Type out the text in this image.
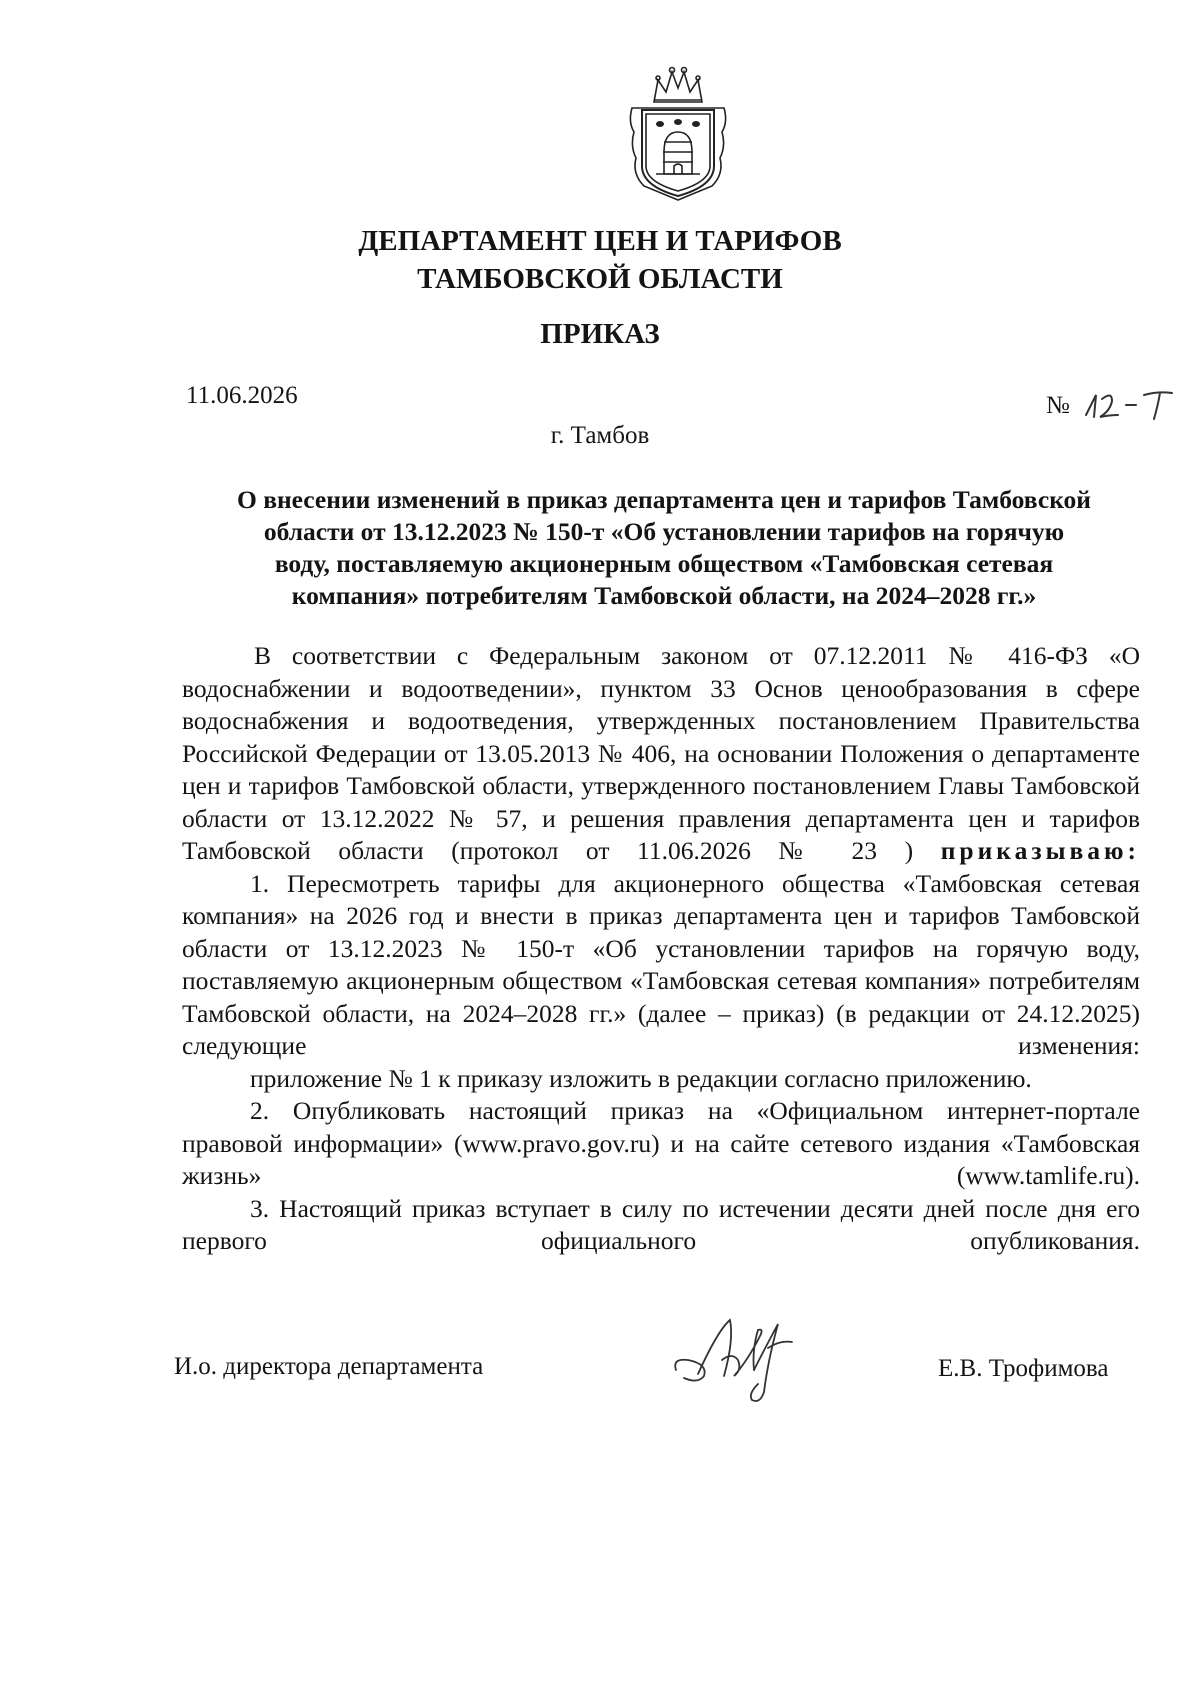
ДЕПАРТАМЕНТ ЦЕН И ТАРИФОВ
ТАМБОВСКОЙ ОБЛАСТИ
ПРИКАЗ
11.06.2026	№
г. Тамбов
О внесении изменений в приказ департамента цен и тарифов Тамбовской
области от 13.12.2023 № 150-т «Об установлении тарифов на горячую
воду, поставляемую акционерным обществом «Тамбовская сетевая
компания» потребителям Тамбовской области, на 2024–2028 гг.»
В соответствии с Федеральным законом от 07.12.2011 № 416-ФЗ «О водоснабжении и водоотведении», пунктом 33 Основ ценообразования в сфере водоснабжения и водоотведения, утвержденных постановлением Правительства Российской Федерации от 13.05.2013 № 406, на основании Положения о департаменте цен и тарифов Тамбовской области, утвержденного постановлением Главы Тамбовской области от 13.12.2022 № 57, и решения правления департамента цен и тарифов Тамбовской области (протокол от 11.06.2026 № 23 ) приказываю:
1. Пересмотреть тарифы для акционерного общества «Тамбовская сетевая компания» на 2026 год и внести в приказ департамента цен и тарифов Тамбовской области от 13.12.2023 № 150-т «Об установлении тарифов на горячую воду, поставляемую акционерным обществом «Тамбовская сетевая компания» потребителям Тамбовской области, на 2024–2028 гг.» (далее – приказ) (в редакции от 24.12.2025) следующие изменения:
приложение № 1 к приказу изложить в редакции согласно приложению.
2. Опубликовать настоящий приказ на «Официальном интернет-портале правовой информации» (www.pravo.gov.ru) и на сайте сетевого издания «Тамбовская жизнь» (www.tamlife.ru).
3. Настоящий приказ вступает в силу по истечении десяти дней после дня его первого официального опубликования.
И.о. директора департамента	Е.В. Трофимова
